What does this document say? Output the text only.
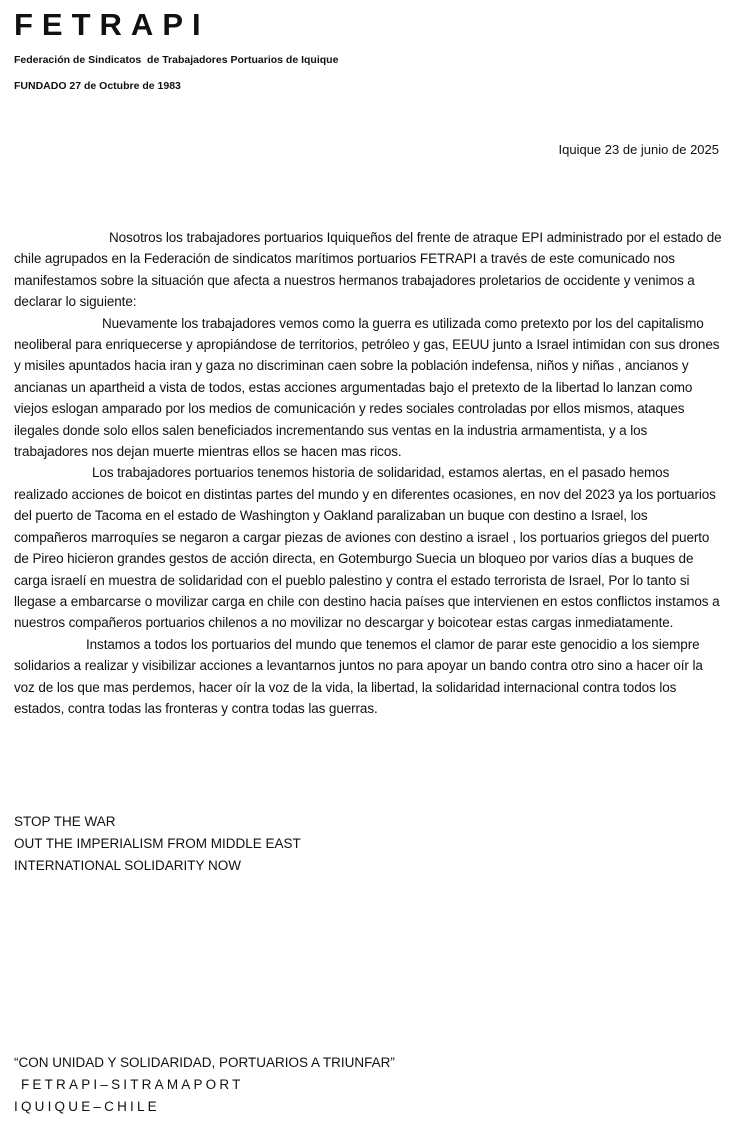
FETRAPI
Federación de Sindicatos  de Trabajadores Portuarios de Iquique
FUNDADO 27 de Octubre de 1983
Iquique 23 de junio de 2025

Nosotros los trabajadores portuarios Iquiqueños del frente de atraque EPI administrado por el estado de chile agrupados en la Federación de sindicatos marítimos portuarios FETRAPI a través de este comunicado nos manifestamos sobre la situación que afecta a nuestros hermanos trabajadores proletarios de occidente y venimos a declarar lo siguiente:

Nuevamente los trabajadores vemos como la guerra es utilizada como pretexto por los del capitalismo neoliberal para enriquecerse y apropiándose de territorios, petróleo y gas, EEUU junto a Israel intimidan con sus drones y misiles apuntados hacia iran y gaza no discriminan caen sobre la población indefensa, niños y niñas , ancianos y ancianas un apartheid a vista de todos, estas acciones argumentadas bajo el pretexto de la libertad lo lanzan como viejos eslogan amparado por los medios de comunicación y redes sociales controladas por ellos mismos, ataques ilegales donde solo ellos salen beneficiados incrementando sus ventas en la industria armamentista, y a los trabajadores nos dejan muerte mientras ellos se hacen mas ricos.

Los trabajadores portuarios tenemos historia de solidaridad, estamos alertas, en el pasado hemos realizado acciones de boicot en distintas partes del mundo y en diferentes ocasiones, en nov del 2023 ya los portuarios del puerto de Tacoma en el estado de Washington y Oakland paralizaban un buque con destino a Israel, los compañeros marroquíes se negaron a cargar piezas de aviones con destino a israel , los portuarios griegos del puerto de Pireo hicieron grandes gestos de acción directa, en Gotemburgo Suecia un bloqueo por varios días a buques de carga israelí en muestra de solidaridad con el pueblo palestino y contra el estado terrorista de Israel, Por lo tanto si llegase a embarcarse o movilizar carga en chile con destino hacia países que intervienen en estos conflictos instamos a nuestros compañeros portuarios chilenos a no movilizar no descargar y boicotear estas cargas inmediatamente.

Instamos a todos los portuarios del mundo que tenemos el clamor de parar este genocidio a los siempre solidarios a realizar y visibilizar acciones a levantarnos juntos no para apoyar un bando contra otro sino a hacer oír la voz de los que mas perdemos, hacer oír la voz de la vida, la libertad, la solidaridad internacional contra todos los estados, contra todas las fronteras y contra todas las guerras.

STOP THE WAR
OUT THE IMPERIALISM FROM MIDDLE EAST
INTERNATIONAL SOLIDARITY NOW
“CON UNIDAD Y SOLIDARIDAD, PORTUARIOS A TRIUNFAR”
FETRAPI–SITRAMAPORT
IQUIQUE–CHILE
